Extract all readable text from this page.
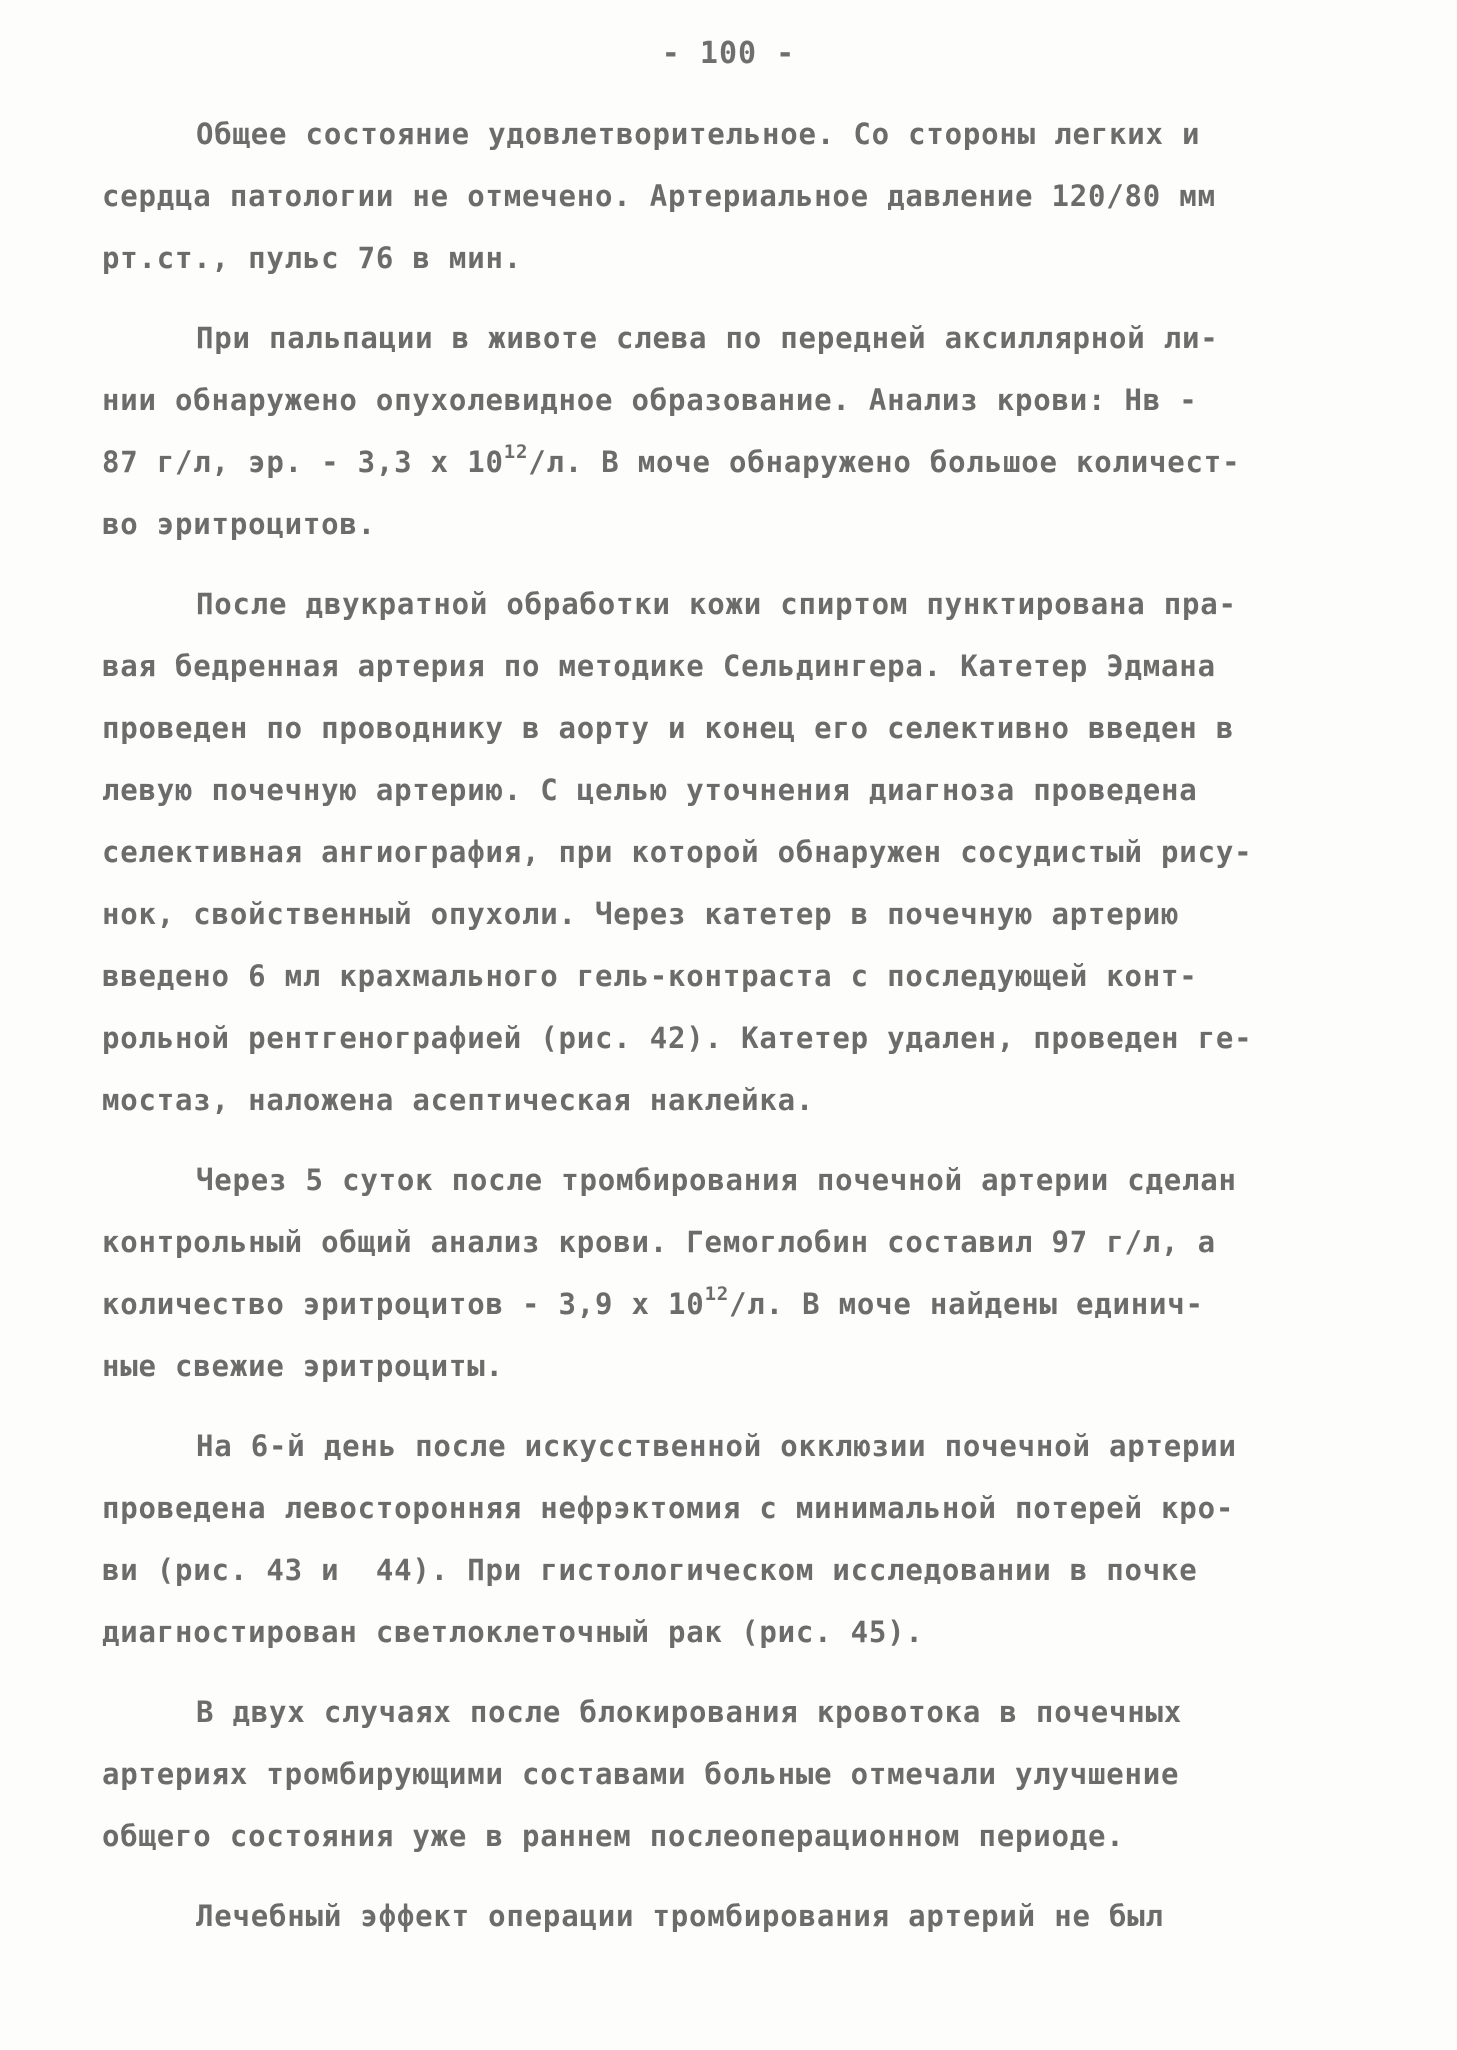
- 100 -
Общее состояние удовлетворительное. Со стороны легких и
сердца патологии не отмечено. Артериальное давление 120/80 мм
рт.ст., пульс 76 в мин.
При пальпации в животе слева по передней аксиллярной ли-
нии обнаружено опухолевидное образование. Анализ крови: Нв -
87 г/л, эр. - 3,3 х $10^{12}/л$. В моче обнаружено большое количест-
во эритроцитов.
После двукратной обработки кожи спиртом пунктирована пра-
вая бедренная артерия по методике Сельдингера. Катетер Эдмана
проведен по проводнику в аорту и конец его селективно введен в
левую почечную артерию. С целью уточнения диагноза проведена
селективная ангиография, при которой обнаружен сосудистый рису-
нок, свойственный опухоли. Через катетер в почечную артерию
введено 6 мл крахмального гель-контраста с последующей конт-
рольной рентгенографией (рис. 42). Катетер удален, проведен ге-
мостаз, наложена асептическая наклейка.
Через 5 суток после тромбирования почечной артерии сделан
контрольный общий анализ крови. Гемоглобин составил 97 г/л, а
количество эритроцитов - 3,9 х $10^{12}/л$. В моче найдены единич-
ные свежие эритроциты.
На 6-й день после искусственной окклюзии почечной артерии
проведена левосторонняя нефрэктомия с минимальной потерей кро-
ви (рис. 43 и  44). При гистологическом исследовании в почке
диагностирован светлоклеточный рак (рис. 45).
В двух случаях после блокирования кровотока в почечных
артериях тромбирующими составами больные отмечали улучшение
общего состояния уже в раннем послеоперационном периоде.
Лечебный эффект операции тромбирования артерий не был
